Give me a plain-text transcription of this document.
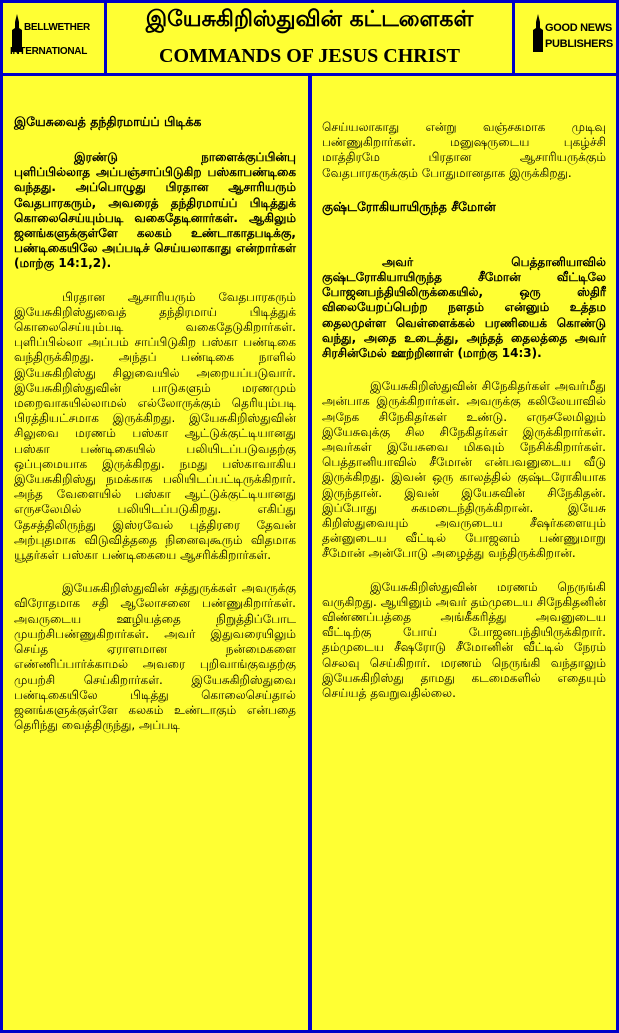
BELLWETHER
INTERNATIONAL
இயேசுகிறிஸ்துவின் கட்டளைகள்
COMMANDS OF JESUS CHRIST
GOOD NEWS
PUBLISHERS
இயேசுவைத் தந்திரமாய்ப் பிடிக்க

இரண்டு நாளைக்குப்பின்பு புளிப்பில்லாத அப்பஞ்சாப்பிடுகிற பஸ்காபண்டிகை வந்தது. அப்பொழுது பிரதான ஆசாரியரும் வேதபாரகரும், அவரைத் தந்திரமாய்ப் பிடித்துக் கொலைசெய்யும்படி வகைதேடினார்கள். ஆகிலும் ஜனங்களுக்குள்ளே கலகம் உண்டாகாதபடிக்கு, பண்டிகையிலே அப்படிச் செய்யலாகாது என்றார்கள் (மாற்கு 14:1,2).

பிரதான ஆசாரியரும் வேதபாரகரும் இயேசுகிறிஸ்துவைத் தந்திரமாய் பிடித்துக் கொலைசெய்யும்படி வகைதேடுகிறார்கள். புளிப்பில்லா அப்பம் சாப்பிடுகிற பஸ்கா பண்டிகை வந்திருக்கிறது. அந்தப் பண்டிகை நாளில் இயேசுகிறிஸ்து சிலுவையில் அறையப்படுவார். இயேசுகிறிஸ்துவின் பாடுகளும் மரணமும் மறைவாகயில்லாமல் எல்லோருக்கும் தெரியும்படி பிரத்தியட்சமாக இருக்கிறது. இயேசுகிறிஸ்துவின் சிலுவை மரணம் பஸ்கா ஆட்டுக்குட்டியானது பஸ்கா பண்டிகையில் பலியிடப்படுவதற்கு ஒப்புமையாக இருக்கிறது. நமது பஸ்காவாகிய இயேசுகிறிஸ்து நமக்காக பலியிடப்பட்டிருக்கிறார். அந்த வேளையில் பஸ்கா ஆட்டுக்குட்டியானது எருசலேமில் பலியிடப்படுகிறது. எகிப்து தேசத்திலிருந்து இஸ்ரவேல் புத்திரரை தேவன் அற்புதமாக விடுவித்ததை நினைவுகூரும் விதமாக யூதர்கள் பஸ்கா பண்டிகையை ஆசரிக்கிறார்கள்.

இயேசுகிறிஸ்துவின் சத்துருக்கள் அவருக்கு விரோதமாக சதி ஆலோசனை பண்ணுகிறார்கள். அவருடைய ஊழியத்தை நிறுத்திப்போட முயற்சிபண்ணுகிறார்கள். அவர் இதுவரையிலும் செய்த ஏராளமான நன்மைகளை எண்ணிப்பார்க்காமல் அவரை புறிவாங்குவதற்கு முயற்சி செய்கிறார்கள். இயேசுகிறிஸ்துவை பண்டிகையிலே பிடித்து கொலைசெய்தால் ஜனங்களுக்குள்ளே கலகம் உண்டாகும் என்பதை தெரிந்து வைத்திருந்து, அப்படி

செய்யலாகாது என்று வஞ்சகமாக முடிவு பண்ணுகிறார்கள். மனுஷருடைய புகழ்ச்சி மாத்திரமே பிரதான ஆசாரியருக்கும் வேதபாரகருக்கும் போதுமானதாக இருக்கிறது.

குஷ்டரோகியாயிருந்த சீமோன்

அவர் பெத்தானியாவில் குஷ்டரோகியாயிருந்த சீமோன் வீட்டிலே போஜனபந்தியிலிருக்கையில், ஒரு ஸ்திரீ விலையேறப்பெற்ற நளதம் என்னும் உத்தம தைலமுள்ள வெள்ளைக்கல் பரணியைக் கொண்டு வந்து, அதை உடைத்து, அந்தத் தைலத்தை அவர் சிரசின்மேல் ஊற்றினாள் (மாற்கு 14:3).

இயேசுகிறிஸ்துவின் சிநேகிதர்கள் அவர்மீது அன்பாக இருக்கிறார்கள். அவருக்கு கலிலேயாவில் அநேக சிநேகிதர்கள் உண்டு. எருசலேமிலும் இயேசுவுக்கு சில சிநேகிதர்கள் இருக்கிறார்கள். அவர்கள் இயேசுவை மிகவும் நேசிக்கிறார்கள். பெத்தானியாவில் சீமோன் என்பவனுடைய வீடு இருக்கிறது. இவன் ஒரு காலத்தில் குஷ்டரோகியாக இருந்தான். இவன் இயேசுவின் சிநேகிதன். இப்போது சுகமடைந்திருக்கிறான். இயேசு கிறிஸ்துவையும் அவருடைய சீஷர்களையும் தன்னுடைய வீட்டில் போஜனம் பண்ணுமாறு சீமோன் அன்போடு அழைத்து வந்திருக்கிறான்.

இயேசுகிறிஸ்துவின் மரணம் நெருங்கி வருகிறது. ஆயினும் அவர் தம்முடைய சிநேகிதனின் விண்ணப்பத்தை அங்கீகரித்து அவனுடைய வீட்டிற்கு போய் போஜனபந்தியிருக்கிறார். தம்முடைய சீஷரோடு சீமோனின் வீட்டில் நேரம் செலவு செய்கிறார். மரணம் நெருங்கி வந்தாலும் இயேசுகிறிஸ்து தாமது கடமைகளில் எதையும் செய்யத் தவறுவதில்லை.
